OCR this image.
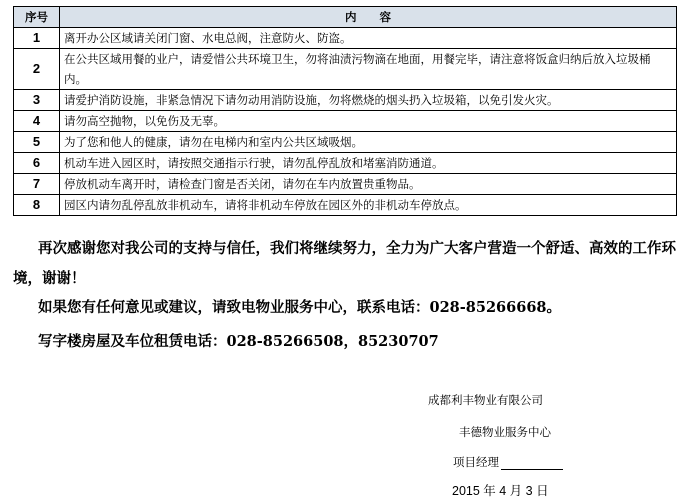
序号	内　　容
1	离开办公区域请关闭门窗、水电总阀，注意防火、防盗。
2	在公共区域用餐的业户，请爱惜公共环境卫生，勿将油渍污物滴在地面，用餐完毕，请注意将饭盒归纳后放入垃圾桶内。
3	请爱护消防设施，非紧急情况下请勿动用消防设施，勿将燃烧的烟头扔入垃圾箱，以免引发火灾。
4	请勿高空抛物，以免伤及无辜。
5	为了您和他人的健康，请勿在电梯内和室内公共区域吸烟。
6	机动车进入园区时，请按照交通指示行驶，请勿乱停乱放和堵塞消防通道。
7	停放机动车离开时，请检查门窗是否关闭，请勿在车内放置贵重物品。
8	园区内请勿乱停乱放非机动车，请将非机动车停放在园区外的非机动车停放点。
再次感谢您对我公司的支持与信任，我们将继续努力，全力为广大客户营造一个舒适、高效的工作环境，谢谢！
如果您有任何意见或建议，请致电物业服务中心，联系电话：028-85266668。
写字楼房屋及车位租赁电话：028-85266508，85230707
成都利丰物业有限公司
丰德物业服务中心
项目经理
2015 年 4 月 3 日
